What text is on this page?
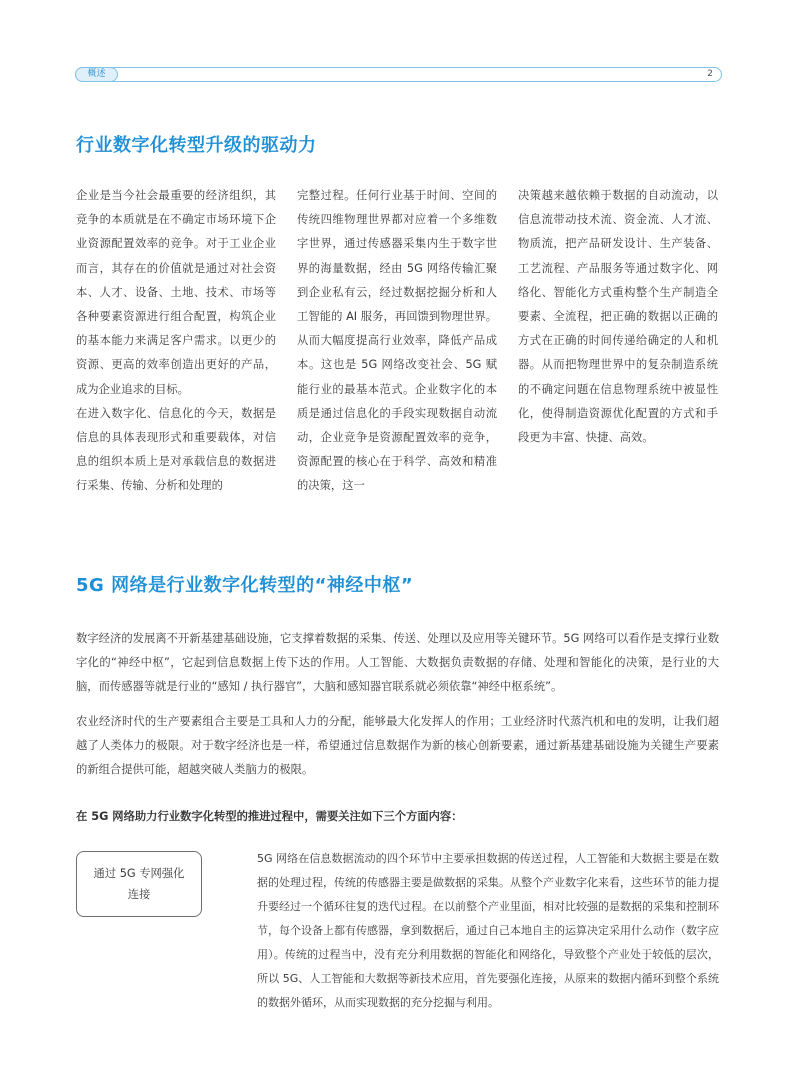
概述	2
行业数字化转型升级的驱动力

企业是当今社会最重要的经济组织，其竞争的本质就是在不确定市场环境下企业资源配置效率的竞争。对于工业企业而言，其存在的价值就是通过对社会资本、人才、设备、土地、技术、市场等各种要素资源进行组合配置，构筑企业的基本能力来满足客户需求。以更少的资源、更高的效率创造出更好的产品，成为企业追求的目标。

在进入数字化、信息化的今天，数据是信息的具体表现形式和重要载体，对信息的组织本质上是对承载信息的数据进行采集、传输、分析和处理的

完整过程。任何行业基于时间、空间的传统四维物理世界都对应着一个多维数字世界，通过传感器采集内生于数字世界的海量数据，经由 5G 网络传输汇聚到企业私有云，经过数据挖掘分析和人工智能的 AI 服务，再回馈到物理世界。从而大幅度提高行业效率，降低产品成本。这也是 5G 网络改变社会、5G 赋能行业的最基本范式。企业数字化的本质是通过信息化的手段实现数据自动流动，企业竞争是资源配置效率的竞争，资源配置的核心在于科学、高效和精准的决策，这一

决策越来越依赖于数据的自动流动，以信息流带动技术流、资金流、人才流、物质流，把产品研发设计、生产装备、工艺流程、产品服务等通过数字化、网络化、智能化方式重构整个生产制造全要素、全流程，把正确的数据以正确的方式在正确的时间传递给确定的人和机器。从而把物理世界中的复杂制造系统的不确定问题在信息物理系统中被显性化，使得制造资源优化配置的方式和手段更为丰富、快捷、高效。

5G 网络是行业数字化转型的“神经中枢”

数字经济的发展离不开新基建基础设施，它支撑着数据的采集、传送、处理以及应用等关键环节。5G 网络可以看作是支撑行业数字化的“神经中枢”，它起到信息数据上传下达的作用。人工智能、大数据负责数据的存储、处理和智能化的决策，是行业的大脑，而传感器等就是行业的“感知 / 执行器官”，大脑和感知器官联系就必须依靠“神经中枢系统”。

农业经济时代的生产要素组合主要是工具和人力的分配，能够最大化发挥人的作用；工业经济时代蒸汽机和电的发明，让我们超越了人类体力的极限。对于数字经济也是一样，希望通过信息数据作为新的核心创新要素，通过新基建基础设施为关键生产要素的新组合提供可能，超越突破人类脑力的极限。

在 5G 网络助力行业数字化转型的推进过程中，需要关注如下三个方面内容：

通过 5G 专网强化连接

5G 网络在信息数据流动的四个环节中主要承担数据的传送过程，人工智能和大数据主要是在数据的处理过程，传统的传感器主要是做数据的采集。从整个产业数字化来看，这些环节的能力提升要经过一个循环往复的迭代过程。在以前整个产业里面，相对比较强的是数据的采集和控制环节，每个设备上都有传感器，拿到数据后，通过自己本地自主的运算决定采用什么动作（数字应用）。传统的过程当中，没有充分利用数据的智能化和网络化，导致整个产业处于较低的层次，所以 5G、人工智能和大数据等新技术应用，首先要强化连接，从原来的数据内循环到整个系统的数据外循环，从而实现数据的充分挖掘与利用。
